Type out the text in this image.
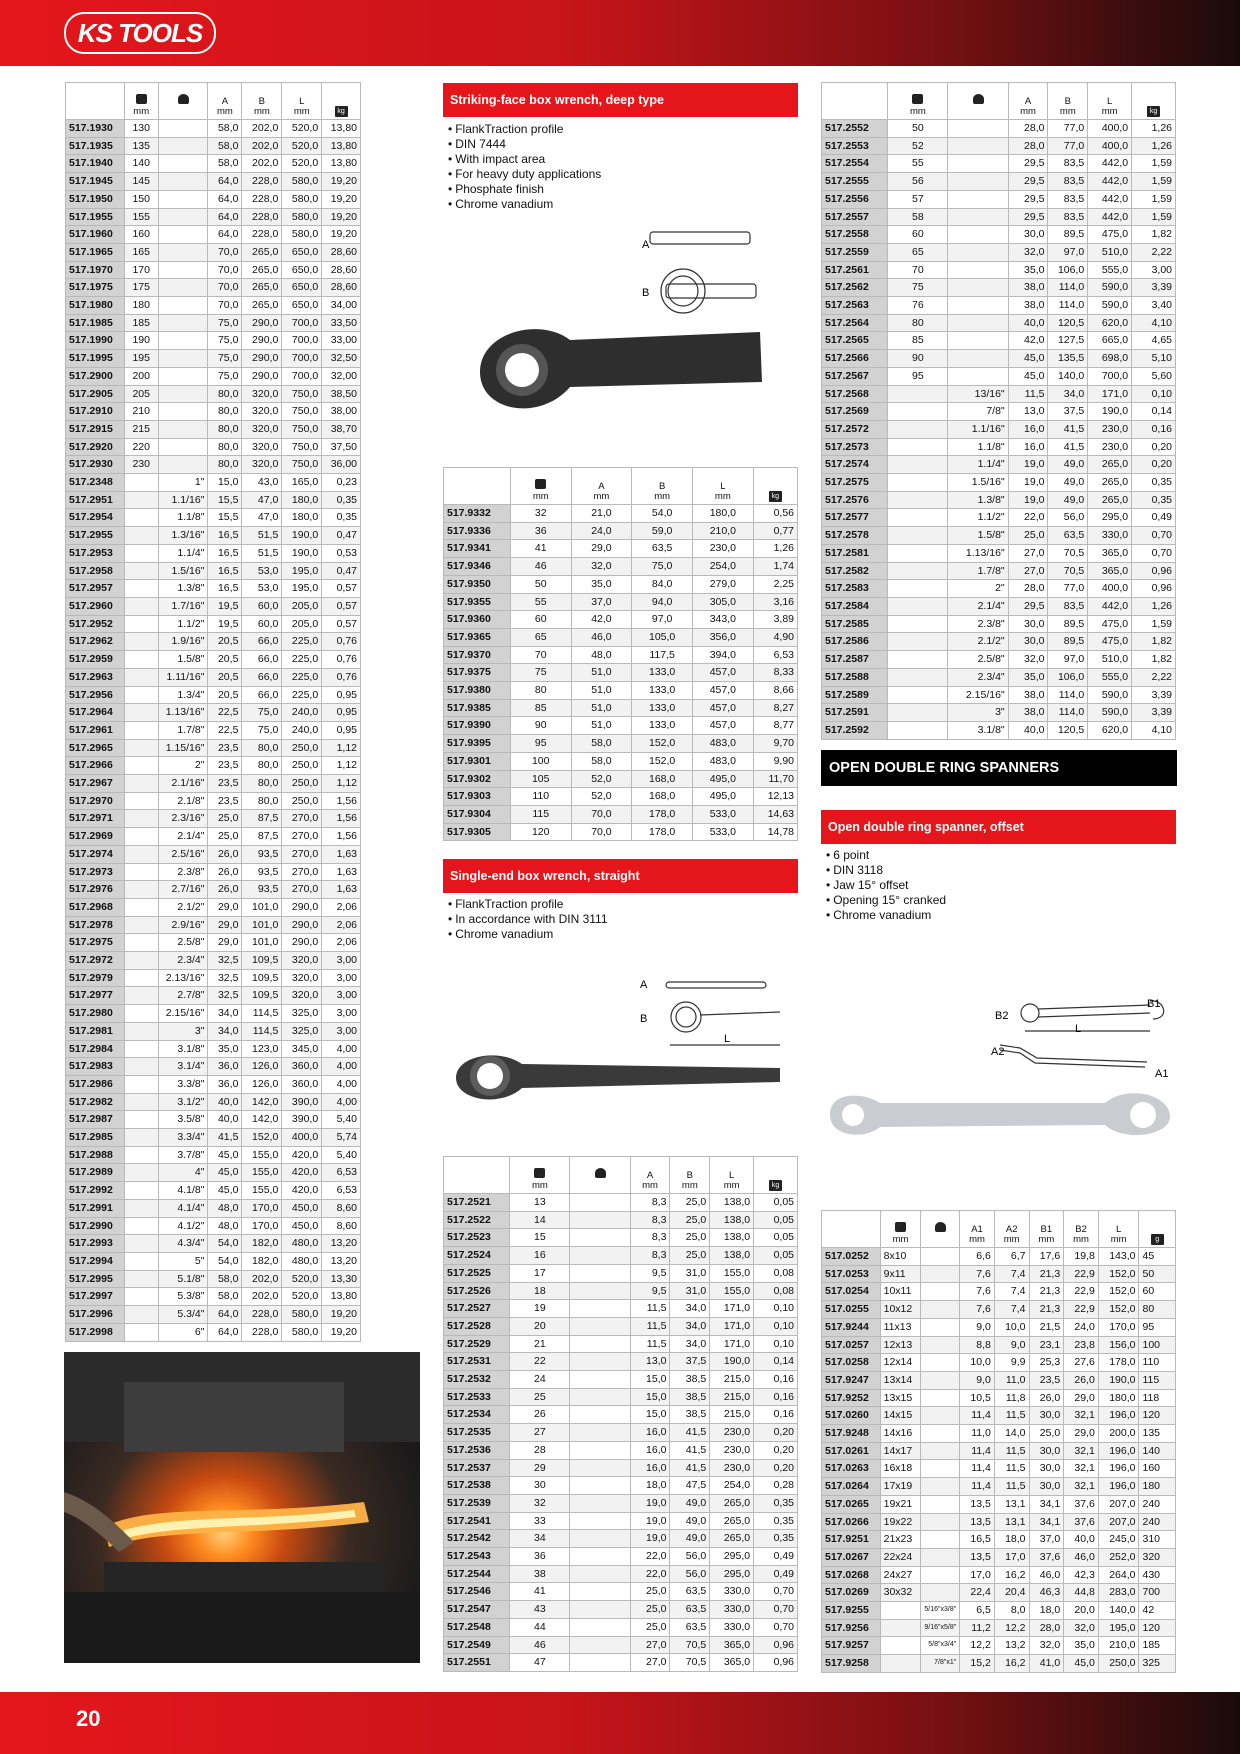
KS TOOLS

mm		A
mm	B
mm	L
mm	kg
517.1930	130		58,0	202,0	520,0	13,80
517.1935	135		58,0	202,0	520,0	13,80
517.1940	140		58,0	202,0	520,0	13,80
517.1945	145		64,0	228,0	580,0	19,20
517.1950	150		64,0	228,0	580,0	19,20
517.1955	155		64,0	228,0	580,0	19,20
517.1960	160		64,0	228,0	580,0	19,20
517.1965	165		70,0	265,0	650,0	28,60
517.1970	170		70,0	265,0	650,0	28,60
517.1975	175		70,0	265,0	650,0	28,60
517.1980	180		70,0	265,0	650,0	34,00
517.1985	185		75,0	290,0	700,0	33,50
517.1990	190		75,0	290,0	700,0	33,00
517.1995	195		75,0	290,0	700,0	32,50
517.2900	200		75,0	290,0	700,0	32,00
517.2905	205		80,0	320,0	750,0	38,50
517.2910	210		80,0	320,0	750,0	38,00
517.2915	215		80,0	320,0	750,0	38,70
517.2920	220		80,0	320,0	750,0	37,50
517.2930	230		80,0	320,0	750,0	36,00
517.2348		1"	15,0	43,0	165,0	0,23
517.2951		1.1/16"	15,5	47,0	180,0	0,35
517.2954		1.1/8"	15,5	47,0	180,0	0,35
517.2955		1.3/16"	16,5	51,5	190,0	0,47
517.2953		1.1/4"	16,5	51,5	190,0	0,53
517.2958		1.5/16"	16,5	53,0	195,0	0,47
517.2957		1.3/8"	16,5	53,0	195,0	0,57
517.2960		1.7/16"	19,5	60,0	205,0	0,57
517.2952		1.1/2"	19,5	60,0	205,0	0,57
517.2962		1.9/16"	20,5	66,0	225,0	0,76
517.2959		1.5/8"	20,5	66,0	225,0	0,76
517.2963		1.11/16"	20,5	66,0	225,0	0,76
517.2956		1.3/4"	20,5	66,0	225,0	0,95
517.2964		1.13/16"	22,5	75,0	240,0	0,95
517.2961		1.7/8"	22,5	75,0	240,0	0,95
517.2965		1.15/16"	23,5	80,0	250,0	1,12
517.2966		2"	23,5	80,0	250,0	1,12
517.2967		2.1/16"	23,5	80,0	250,0	1,12
517.2970		2.1/8"	23,5	80,0	250,0	1,56
517.2971		2.3/16"	25,0	87,5	270,0	1,56
517.2969		2.1/4"	25,0	87,5	270,0	1,56
517.2974		2.5/16"	26,0	93,5	270,0	1,63
517.2973		2.3/8"	26,0	93,5	270,0	1,63
517.2976		2.7/16"	26,0	93,5	270,0	1,63
517.2968		2.1/2"	29,0	101,0	290,0	2,06
517.2978		2.9/16"	29,0	101,0	290,0	2,06
517.2975		2.5/8"	29,0	101,0	290,0	2,06
517.2972		2.3/4"	32,5	109,5	320,0	3,00
517.2979		2.13/16"	32,5	109,5	320,0	3,00
517.2977		2.7/8"	32,5	109,5	320,0	3,00
517.2980		2.15/16"	34,0	114,5	325,0	3,00
517.2981		3"	34,0	114,5	325,0	3,00
517.2984		3.1/8"	35,0	123,0	345,0	4,00
517.2983		3.1/4"	36,0	126,0	360,0	4,00
517.2986		3.3/8"	36,0	126,0	360,0	4,00
517.2982		3.1/2"	40,0	142,0	390,0	4,00
517.2987		3.5/8"	40,0	142,0	390,0	5,40
517.2985		3.3/4"	41,5	152,0	400,0	5,74
517.2988		3.7/8"	45,0	155,0	420,0	5,40
517.2989		4"	45,0	155,0	420,0	6,53
517.2992		4.1/8"	45,0	155,0	420,0	6,53
517.2991		4.1/4"	48,0	170,0	450,0	8,60
517.2990		4.1/2"	48,0	170,0	450,0	8,60
517.2993		4.3/4"	54,0	182,0	480,0	13,20
517.2994		5"	54,0	182,0	480,0	13,20
517.2995		5.1/8"	58,0	202,0	520,0	13,30
517.2997		5.3/8"	58,0	202,0	520,0	13,80
517.2996		5.3/4"	64,0	228,0	580,0	19,20
517.2998		6"	64,0	228,0	580,0	19,20
Striking-face box wrench, deep type
• FlankTraction profile
• DIN 7444
• With impact area
• For heavy duty applications
• Phosphate finish
• Chrome vanadium
A
B

mm	A
mm	B
mm	L
mm	kg
517.9332	32	21,0	54,0	180,0	0,56
517.9336	36	24,0	59,0	210,0	0,77
517.9341	41	29,0	63,5	230,0	1,26
517.9346	46	32,0	75,0	254,0	1,74
517.9350	50	35,0	84,0	279,0	2,25
517.9355	55	37,0	94,0	305,0	3,16
517.9360	60	42,0	97,0	343,0	3,89
517.9365	65	46,0	105,0	356,0	4,90
517.9370	70	48,0	117,5	394,0	6,53
517.9375	75	51,0	133,0	457,0	8,33
517.9380	80	51,0	133,0	457,0	8,66
517.9385	85	51,0	133,0	457,0	8,27
517.9390	90	51,0	133,0	457,0	8,77
517.9395	95	58,0	152,0	483,0	9,70
517.9301	100	58,0	152,0	483,0	9,90
517.9302	105	52,0	168,0	495,0	11,70
517.9303	110	52,0	168,0	495,0	12,13
517.9304	115	70,0	178,0	533,0	14,63
517.9305	120	70,0	178,0	533,0	14,78
Single-end box wrench, straight
• FlankTraction profile
• In accordance with DIN 3111
• Chrome vanadium
A
B
L

mm		A
mm	B
mm	L
mm	kg
517.2521	13		8,3	25,0	138,0	0,05
517.2522	14		8,3	25,0	138,0	0,05
517.2523	15		8,3	25,0	138,0	0,05
517.2524	16		8,3	25,0	138,0	0,05
517.2525	17		9,5	31,0	155,0	0,08
517.2526	18		9,5	31,0	155,0	0,08
517.2527	19		11,5	34,0	171,0	0,10
517.2528	20		11,5	34,0	171,0	0,10
517.2529	21		11,5	34,0	171,0	0,10
517.2531	22		13,0	37,5	190,0	0,14
517.2532	24		15,0	38,5	215,0	0,16
517.2533	25		15,0	38,5	215,0	0,16
517.2534	26		15,0	38,5	215,0	0,16
517.2535	27		16,0	41,5	230,0	0,20
517.2536	28		16,0	41,5	230,0	0,20
517.2537	29		16,0	41,5	230,0	0,20
517.2538	30		18,0	47,5	254,0	0,28
517.2539	32		19,0	49,0	265,0	0,35
517.2541	33		19,0	49,0	265,0	0,35
517.2542	34		19,0	49,0	265,0	0,35
517.2543	36		22,0	56,0	295,0	0,49
517.2544	38		22,0	56,0	295,0	0,49
517.2546	41		25,0	63,5	330,0	0,70
517.2547	43		25,0	63,5	330,0	0,70
517.2548	44		25,0	63,5	330,0	0,70
517.2549	46		27,0	70,5	365,0	0,96
517.2551	47		27,0	70,5	365,0	0,96

mm		A
mm	B
mm	L
mm	kg
517.2552	50		28,0	77,0	400,0	1,26
517.2553	52		28,0	77,0	400,0	1,26
517.2554	55		29,5	83,5	442,0	1,59
517.2555	56		29,5	83,5	442,0	1,59
517.2556	57		29,5	83,5	442,0	1,59
517.2557	58		29,5	83,5	442,0	1,59
517.2558	60		30,0	89,5	475,0	1,82
517.2559	65		32,0	97,0	510,0	2,22
517.2561	70		35,0	106,0	555,0	3,00
517.2562	75		38,0	114,0	590,0	3,39
517.2563	76		38,0	114,0	590,0	3,40
517.2564	80		40,0	120,5	620,0	4,10
517.2565	85		42,0	127,5	665,0	4,65
517.2566	90		45,0	135,5	698,0	5,10
517.2567	95		45,0	140,0	700,0	5,60
517.2568		13/16"	11,5	34,0	171,0	0,10
517.2569		7/8"	13,0	37,5	190,0	0,14
517.2572		1.1/16"	16,0	41,5	230,0	0,16
517.2573		1.1/8"	16,0	41,5	230,0	0,20
517.2574		1.1/4"	19,0	49,0	265,0	0,20
517.2575		1.5/16"	19,0	49,0	265,0	0,35
517.2576		1.3/8"	19,0	49,0	265,0	0,35
517.2577		1.1/2"	22,0	56,0	295,0	0,49
517.2578		1.5/8"	25,0	63,5	330,0	0,70
517.2581		1.13/16"	27,0	70,5	365,0	0,70
517.2582		1.7/8"	27,0	70,5	365,0	0,96
517.2583		2"	28,0	77,0	400,0	0,96
517.2584		2.1/4"	29,5	83,5	442,0	1,26
517.2585		2.3/8"	30,0	89,5	475,0	1,59
517.2586		2.1/2"	30,0	89,5	475,0	1,82
517.2587		2.5/8"	32,0	97,0	510,0	1,82
517.2588		2.3/4"	35,0	106,0	555,0	2,22
517.2589		2.15/16"	38,0	114,0	590,0	3,39
517.2591		3"	38,0	114,0	590,0	3,39
517.2592		3.1/8"	40,0	120,5	620,0	4,10
OPEN DOUBLE RING SPANNERS
Open double ring spanner, offset
• 6 point
• DIN 3118
• Jaw 15° offset
• Opening 15° cranked
• Chrome vanadium
B2
B1
L
A2
A1

mm		A1
mm	A2
mm	B1
mm	B2
mm	L
mm	g
517.0252	8x10		6,6	6,7	17,6	19,8	143,0	45
517.0253	9x11		7,6	7,4	21,3	22,9	152,0	50
517.0254	10x11		7,6	7,4	21,3	22,9	152,0	60
517.0255	10x12		7,6	7,4	21,3	22,9	152,0	80
517.9244	11x13		9,0	10,0	21,5	24,0	170,0	95
517.0257	12x13		8,8	9,0	23,1	23,8	156,0	100
517.0258	12x14		10,0	9,9	25,3	27,6	178,0	110
517.9247	13x14		9,0	11,0	23,5	26,0	190,0	115
517.9252	13x15		10,5	11,8	26,0	29,0	180,0	118
517.0260	14x15		11,4	11,5	30,0	32,1	196,0	120
517.9248	14x16		11,0	14,0	25,0	29,0	200,0	135
517.0261	14x17		11,4	11,5	30,0	32,1	196,0	140
517.0263	16x18		11,4	11,5	30,0	32,1	196,0	160
517.0264	17x19		11,4	11,5	30,0	32,1	196,0	180
517.0265	19x21		13,5	13,1	34,1	37,6	207,0	240
517.0266	19x22		13,5	13,1	34,1	37,6	207,0	240
517.9251	21x23		16,5	18,0	37,0	40,0	245,0	310
517.0267	22x24		13,5	17,0	37,6	46,0	252,0	320
517.0268	24x27		17,0	16,2	46,0	42,3	264,0	430
517.0269	30x32		22,4	20,4	46,3	44,8	283,0	700
517.9255		5/16"x3/8"	6,5	8,0	18,0	20,0	140,0	42
517.9256		9/16"x5/8"	11,2	12,2	28,0	32,0	195,0	120
517.9257		5/8"x3/4"	12,2	13,2	32,0	35,0	210,0	185
517.9258		7/8"x1"	15,2	16,2	41,0	45,0	250,0	325
20
